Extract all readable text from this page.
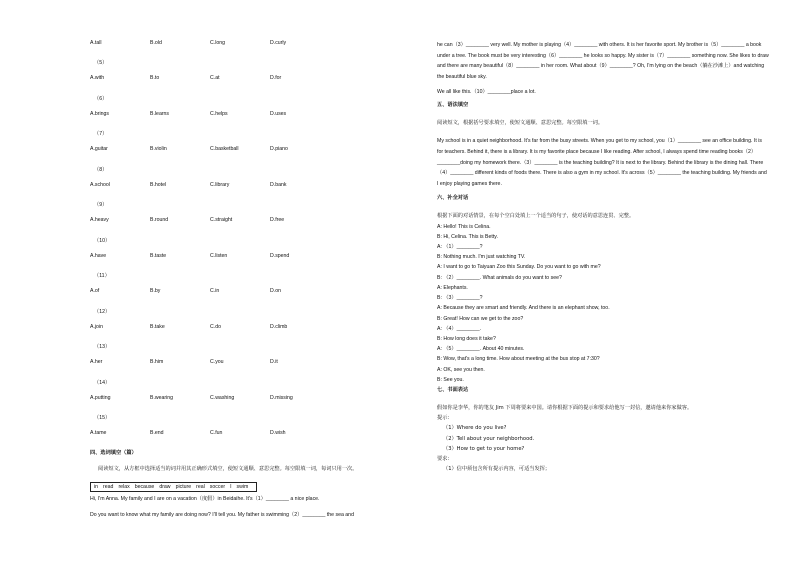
A.tall	B.old	C.long	D.curly
（5）
A.with	B.to	C.at	D.for
（6）
A.brings	B.learns	C.helps	D.uses
（7）
A.guitar	B.violin	C.basketball	D.piano
（8）
A.school	B.hotel	C.library	D.bank
（9）
A.heavy	B.round	C.straight	D.free
（10）
A.have	B.taste	C.listen	D.spend
（11）
A.of	B.by	C.in	D.on
（12）
A.join	B.take	C.do	D.climb
（13）
A.her	B.him	C.you	D.it
（14）
A.putting	B.wearing	C.washing	D.missing
（15）
A.tame	B.end	C.fun	D.wish
四、选词填空（篇）
阅读短文，从方框中选择适当的词并用其正确形式填空，使短文通顺、意思完整。每空限填一词，每词只用一次。
in read relax because draw picture real soccer I swim
Hi, I'm Anna. My family and I are on a vacation（度假）in Beidaihe. It's（1）________ a nice place.
Do you want to know what my family are doing now? I'll tell you. My father is swimming（2）________ the sea and
he can（3）________ very well. My mother is playing（4）________ with others. It is her favorite sport. My brother is（5）________ a book under a tree. The book must be very interesting（6）________ he looks so happy. My sister is（7）________ something now. She likes to draw and there are many beautiful（8）________ in her room. What about（9）________? Oh, I'm lying on the beach（躺在沙滩上）and watching the beautiful blue sky.
We all like this.（10）________place a lot.
五、语法填空
阅读短文，根据括号要求填空，使短文通顺、意思完整。每空限填一词。
My school is in a quiet neighborhood. It's far from the busy streets. When you get to my school, you（1）________ see an office building. It is for teachers. Behind it, there is a library. It is my favorite place because I like reading. After school, I always spend time reading books（2）________doing my homework there.（3）________ is the teaching building? It is next to the library. Behind the library is the dining hall. There（4）________ different kinds of foods there. There is also a gym in my school. It's across（5）________ the teaching building. My friends and I enjoy playing games there.
六、补全对话
根据下面的对话情景，在每个空白处填上一个适当的句子，使对话的意思连贯、完整。
A: Hello! This is Celina.
B: Hi, Celina. This is Betty.
A: （1）________?
B: Nothing much. I'm just watching TV.
A: I want to go to Taiyuan Zoo this Sunday. Do you want to go with me?
B: （2）________. What animals do you want to see?
A: Elephants.
B: （3）________?
A: Because they are smart and friendly. And there is an elephant show, too.
B: Great! How can we get to the zoo?
A: （4）________.
B: How long does it take?
A: （5）________. About 40 minutes.
B: Wow, that's a long time. How about meeting at the bus stop at 7:30?
A: OK, see you then.
B: See you.
七、书面表达
假如你是李华，你的笔友 Jim 下周将要来中国。请你根据下面的提示和要求给他写一封信，邀请他来你家做客。
提示：
（1）Where do you live?
（2）Tell about your neighborhood.
（3）How to get to your home?
要求：
（1）信中须包含所有提示内容，可适当发挥；
